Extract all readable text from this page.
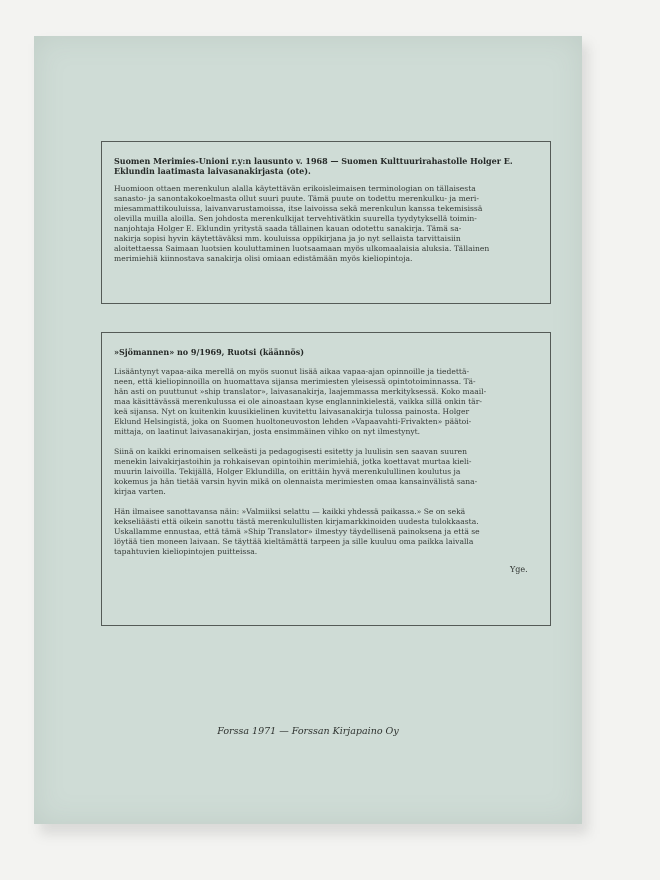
Suomen Merimies-Unioni r.y:n lausunto v. 1968 — Suomen Kulttuurirahastolle Holger E.
Eklundin laatimasta laivasanakirjasta (ote).
Huomioon ottaen merenkulun alalla käytettävän erikoisleimaisen terminologian on tällaisesta
sanasto- ja sanontakokoelmasta ollut suuri puute. Tämä puute on todettu merenkulku- ja meri-
miesammattikouluissa, laivanvarustamoissa, itse laivoissa sekä merenkulun kanssa tekemisissä
olevilla muilla aloilla. Sen johdosta merenkulkijat tervehtivätkin suurella tyydytyksellä toimin-
nanjohtaja Holger E. Eklundin yritystä saada tällainen kauan odotettu sanakirja. Tämä sa-
nakirja sopisi hyvin käytettäväksi mm. kouluissa oppikirjana ja jo nyt sellaista tarvittaisiin
aloitettaessa Saimaan luotsien kouluttaminen luotsaamaan myös ulkomaalaisia aluksia. Tällainen
merimiehiä kiinnostava sanakirja olisi omiaan edistämään myös kieliopintoja.
»Sjömannen» no 9/1969, Ruotsi (käännös)
Lisääntynyt vapaa-aika merellä on myös suonut lisää aikaa vapaa-ajan opinnoille ja tiedettä-
neen, että kieliopinnoilla on huomattava sijansa merimiesten yleisessä opintotoiminnassa. Tä-
hän asti on puuttunut »ship translator», laivasanakirja, laajemmassa merkityksessä. Koko maail-
maa käsittävässä merenkulussa ei ole ainoastaan kyse englanninkielestä, vaikka sillä onkin tär-
keä sijansa. Nyt on kuitenkin kuusikielinen kuvitettu laivasanakirja tulossa painosta. Holger
Eklund Helsingistä, joka on Suomen huoltoneuvoston lehden »Vapaavahti-Frivakten» päätoi-
mittaja, on laatinut laivasanakirjan, josta ensimmäinen vihko on nyt ilmestynyt.
Siinä on kaikki erinomaisen selkeästi ja pedagogisesti esitetty ja luulisin sen saavan suuren
menekin laivakirjastoihin ja rohkaisevan opintoihin merimiehiä, jotka koettavat murtaa kieli-
muurin laivoilla. Tekijällä, Holger Eklundilla, on erittäin hyvä merenkulullinen koulutus ja
kokemus ja hän tietää varsin hyvin mikä on olennaista merimiesten omaa kansainvälistä sana-
kirjaa varten.
Hän ilmaisee sanottavansa näin: »Valmiiksi selattu — kaikki yhdessä paikassa.» Se on sekä
kekseliäästi että oikein sanottu tästä merenkulullisten kirjamarkkinoiden uudesta tulokkaasta.
Uskallamme ennustaa, että tämä »Ship Translator» ilmestyy täydellisenä painoksena ja että se
löytää tien moneen laivaan. Se täyttää kieltämättä tarpeen ja sille kuuluu oma paikka laivalla
tapahtuvien kieliopintojen puitteissa.
Yge.
Forssa 1971 — Forssan Kirjapaino Oy
